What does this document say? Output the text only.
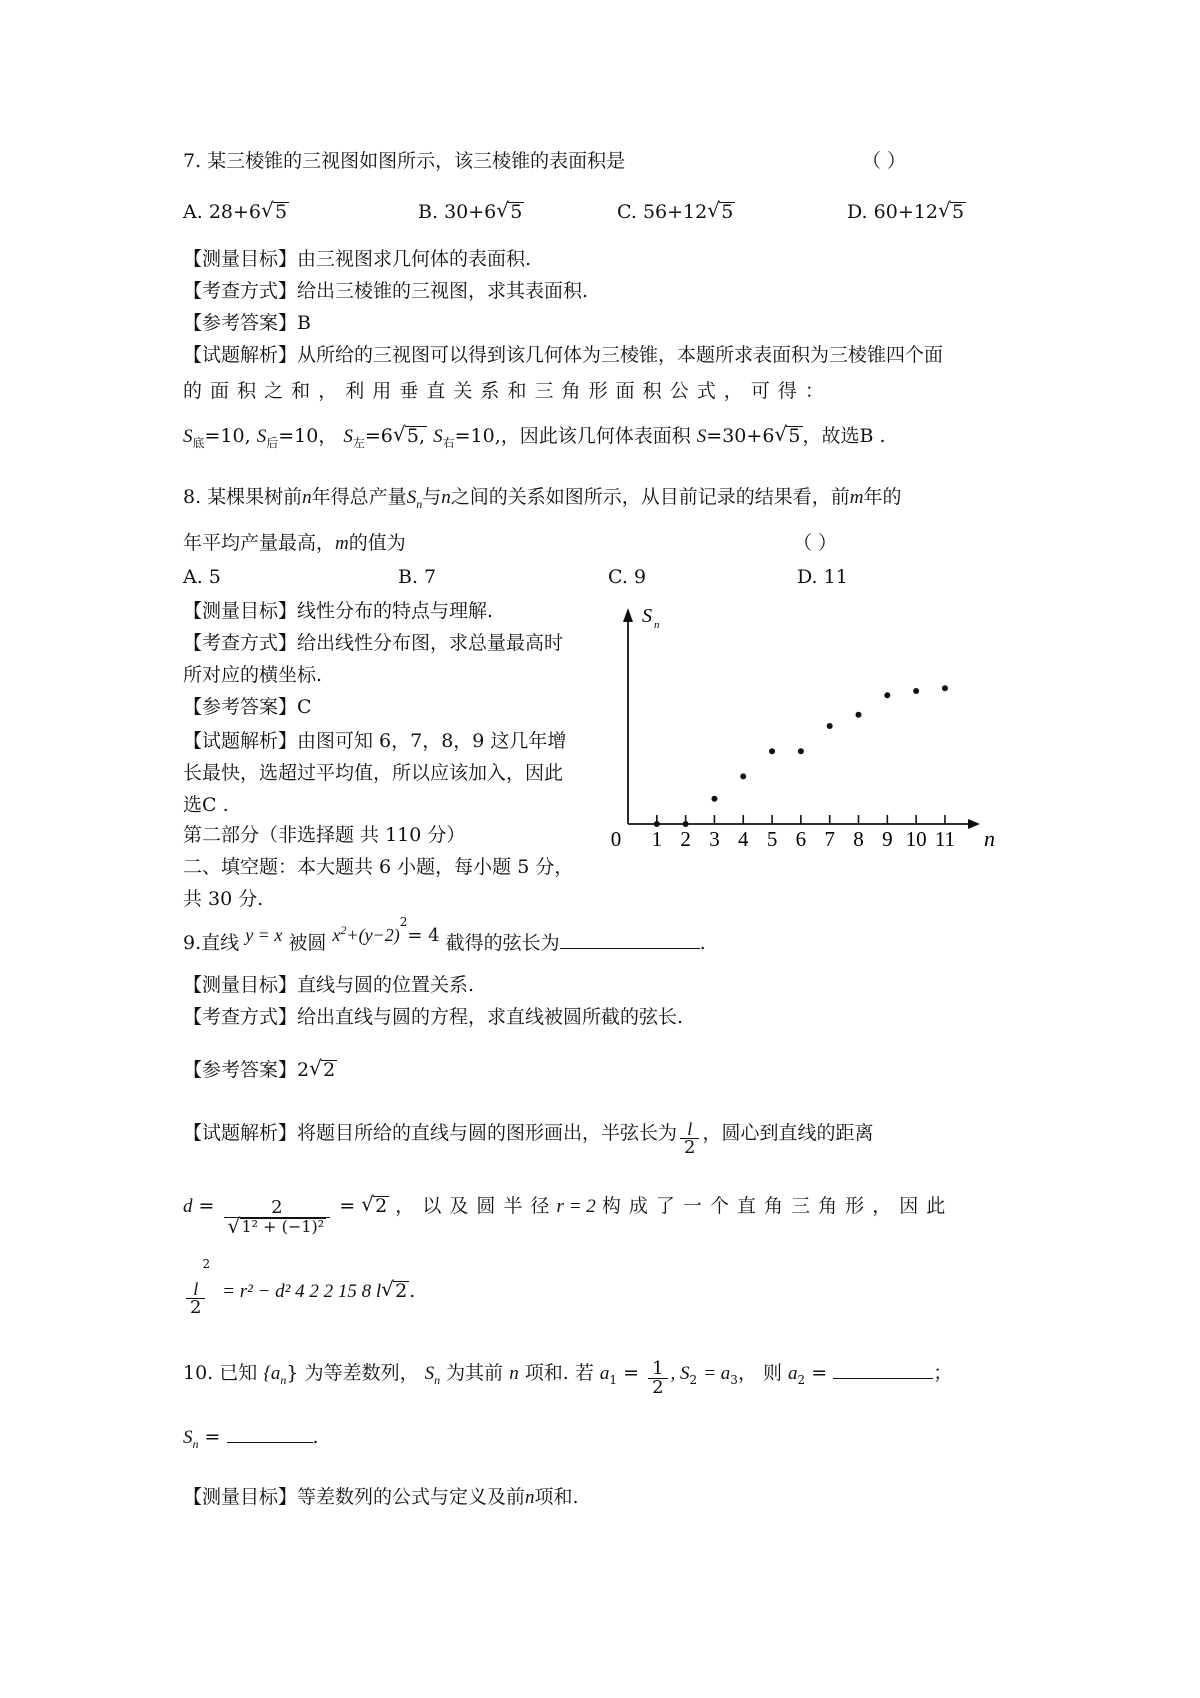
7. 某三棱锥的三视图如图所示，该三棱锥的表面积是	（ ）
A. 28+6√ 5	B. 30+6√ 5	C. 56+12√ 5	D. 60+12√ 5
【测量目标】由三视图求几何体的表面积.
【考查方式】给出三棱锥的三视图，求其表面积.
【参考答案】B
【试题解析】从所给的三视图可以得到该几何体为三棱锥，本题所求表面积为三棱锥四个面
的 面 积 之 和 ， 利 用 垂 直 关 系 和 三 角 形 面 积 公 式 ， 可 得 ：
$S_底=10$, $S_后=10$， $S_左=6√$ 5, $S_右=10$,，因此该几何体表面积 S=30+6√ 5 ，故选B .
8. 某棵果树前n年得总产量$S_n$与n之间的关系如图所示，从目前记录的结果看，前m年的
年平均产量最高，m的值为	（ ）
A. 5	B. 7	C. 9	D. 11
【测量目标】线性分布的特点与理解.
【考查方式】给出线性分布图，求总量最高时
所对应的横坐标.
【参考答案】C
【试题解析】由图可知 6，7，8，9 这几年增
长最快，选超过平均值，所以应该加入，因此
选C .
第二部分（非选择题 共 110 分）
二、填空题：本大题共 6 小题，每小题 5 分，
共 30 分.
S n
n
0 1 2 3 4 5 6 7 8 9 10 11
9.直线 y = x 被圆 $x^2+(y-2)^2= 4$ 截得的弦长为	.
【测量目标】直线与圆的位置关系.
【考查方式】给出直线与圆的方程，求直线被圆所截的弦长.
【参考答案】2√ 2
【试题解析】将题目所给的直线与圆的图形画出，半弦长为 $\frac{l}{2}$ ，圆心到直线的距离
d = 2
√ 1² + (−1)² = √ 2 ， 以 及 圆 半 径 r = 2 构 成 了 一 个 直 角 三 角 形 ， 因 此
$\frac{l}{2}$
$^2$ = r² − d² 4 2 2 15 8 l√ 2 .
10. 已知 $\{a_n\}$ 为等差数列， $S_n$ 为其前 n 项和. 若 $a_1 = \frac{1}{2}$ , $S_2 = a_3$， 则 $a_2$ =	；
$S_n$ =	.
【测量目标】等差数列的公式与定义及前n项和.
